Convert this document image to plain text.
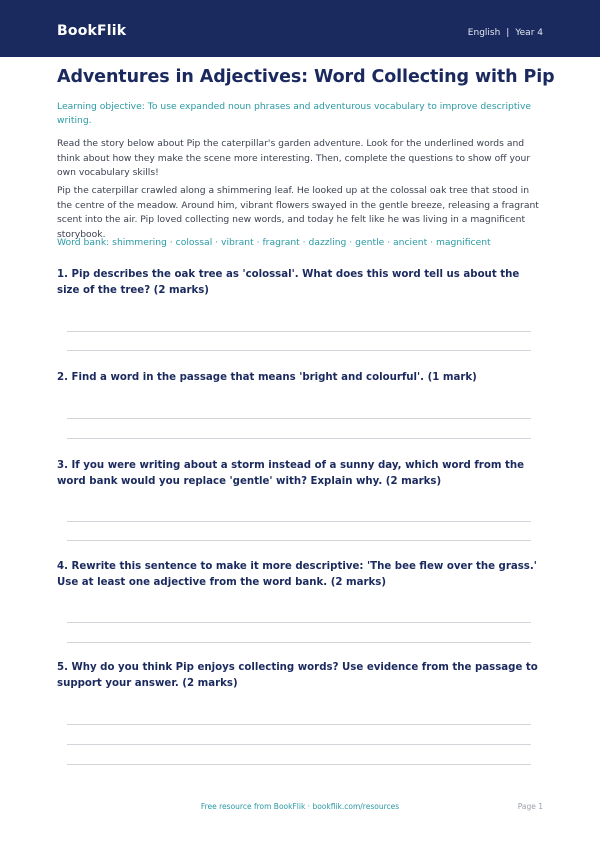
BookFlik	English | Year 4
Adventures in Adjectives: Word Collecting with Pip

Learning objective: To use expanded noun phrases and adventurous vocabulary to improve descriptive writing.

Read the story below about Pip the caterpillar's garden adventure. Look for the underlined words and think about how they make the scene more interesting. Then, complete the questions to show off your own vocabulary skills!

Pip the caterpillar crawled along a shimmering leaf. He looked up at the colossal oak tree that stood in the centre of the meadow. Around him, vibrant flowers swayed in the gentle breeze, releasing a fragrant scent into the air. Pip loved collecting new words, and today he felt like he was living in a magnificent storybook.

Word bank: shimmering · colossal · vibrant · fragrant · dazzling · gentle · ancient · magnificent
1. Pip describes the oak tree as 'colossal'. What does this word tell us about the size of the tree? (2 marks)
2. Find a word in the passage that means 'bright and colourful'. (1 mark)
3. If you were writing about a storm instead of a sunny day, which word from the word bank would you replace 'gentle' with? Explain why. (2 marks)
4. Rewrite this sentence to make it more descriptive: 'The bee flew over the grass.' Use at least one adjective from the word bank. (2 marks)
5. Why do you think Pip enjoys collecting words? Use evidence from the passage to support your answer. (2 marks)
Free resource from BookFlik · bookflik.com/resources	Page 1
